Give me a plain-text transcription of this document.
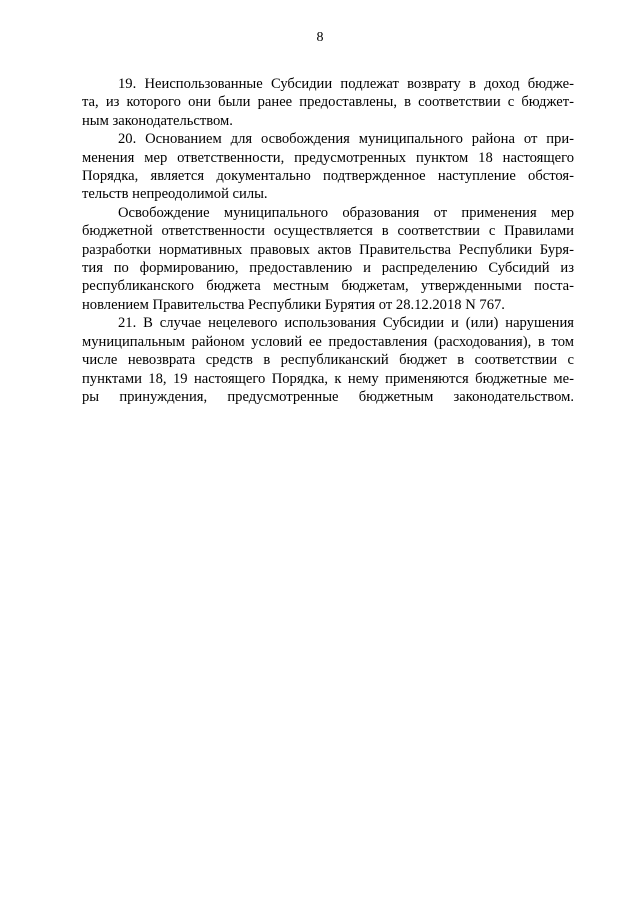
8

19. Неиспользованные Субсидии подлежат возврату в доход бюдже-
та, из которого они были ранее предоставлены, в соответствии с бюджет-
ным законодательством.

20. Основанием для освобождения муниципального района от при-
менения мер ответственности, предусмотренных пунктом 18 настоящего
Порядка, является документально подтвержденное наступление обстоя-
тельств непреодолимой силы.

Освобождение муниципального образования от применения мер
бюджетной ответственности осуществляется в соответствии с Правилами
разработки нормативных правовых актов Правительства Республики Буря-
тия по формированию, предоставлению и распределению Субсидий из
республиканского бюджета местным бюджетам, утвержденными поста-
новлением Правительства Республики Бурятия от 28.12.2018 N 767.

21. В случае нецелевого использования Субсидии и (или) нарушения
муниципальным районом условий ее предоставления (расходования), в том
числе невозврата средств в республиканский бюджет в соответствии с
пунктами 18, 19 настоящего Порядка, к нему применяются бюджетные ме-
ры принуждения, предусмотренные бюджетным законодательством.
